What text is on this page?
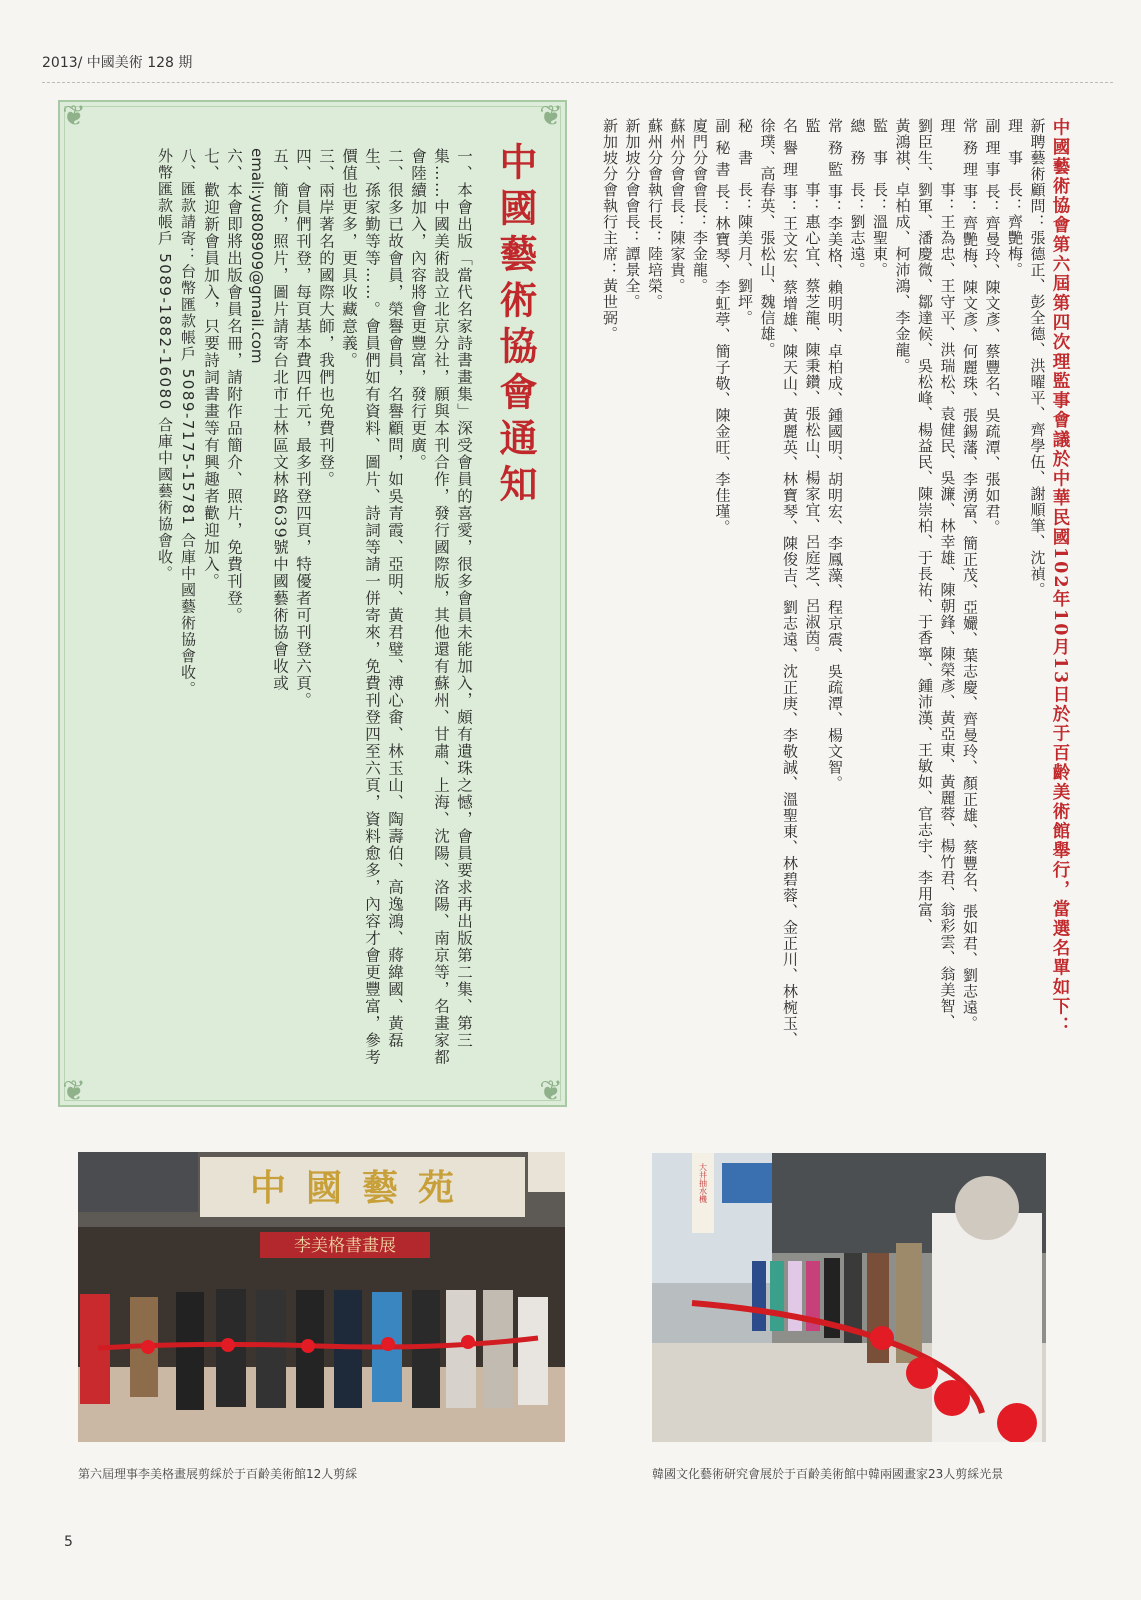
2013/ 中國美術 128 期
❦	❦
❦	❦
中國藝術協會通知

一、本會出版「當代名家詩書畫集」深受會員的喜愛，很多會員未能加入，頗有遺珠之憾，會員要求再出版第二集、第三集……中國美術設立北京分社，願與本刊合作，發行國際版，其他還有蘇州、甘肅、上海、沈陽、洛陽、南京等，名畫家都會陸續加入，內容將會更豐富，發行更廣。

二、很多已故會員，榮譽會員，名譽顧問，如吳青霞、亞明、黃君璧、溥心畬、林玉山、陶壽伯、高逸鴻、蔣緯國、黃磊生、孫家勤等等……。會員們如有資料、圖片、詩詞等請一併寄來，免費刊登四至六頁，資料愈多，內容才會更豐富，參考價值也更多，更具收藏意義。

三、兩岸著名的國際大師，我們也免費刊登。

四、會員們刊登，每頁基本費四仟元，最多刊登四頁，特優者可刊登六頁。

五、簡介，照片，圖片請寄台北市士林區文林路639號中國藝術協會收或

email:yu808909@gmail.com

六、本會即將出版會員名冊，請附作品簡介、照片，免費刊登。

七、歡迎新會員加入，只要詩詞書畫等有興趣者歡迎加入。

八、匯款請寄：台幣匯款帳戶 5089-7175-15781 合庫中國藝術協會收。

外幣匯款帳戶 5089-1882-16080 合庫中國藝術協會收。	中國藝術協會第六屆第四次理監事會議於中華民國102年10月13日於于百齡美術館舉行，當選名單如下：

新聘藝術顧問：張德正、彭全德、洪曜平、齊學伍、謝順筆、沈禎。

理　事　長：齊艷梅。

副 理 事 長：齊曼玲、陳文彥、蔡豐名、吳疏潭、張如君。

常 務 理 事：齊艷梅、陳文彥、何麗珠、張錫藩、李湧富、簡正茂、亞孍、葉志慶、齊曼玲、顏正雄、蔡豐名、張如君、劉志遠。

理　　　事：王為忠、王守平、洪瑞松、袁健民、吳濂、林幸雄、陳朝鋒、陳榮彥、黃亞東、黃麗蓉、楊竹君、翁彩雲、翁美智、

劉臣生、劉軍、潘慶微、鄒達候、吳松峰、楊益民、陳崇柏、于長祐、于香寧、鍾沛漢、王敏如、官志宇、李用富、

黃鴻祺、卓柏成、柯沛鴻、李金龍。

監　事　長：溫聖東。

總　務　長：劉志遠。

常 務 監 事：李美格、賴明明、卓柏成、鍾國明、胡明宏、李鳳藻、程京震、吳疏潭、楊文智。

監　　　事：惠心宜、蔡芝龍、陳秉鑽、張松山、楊家宜、呂庭芝、呂淑茵。

名 譽 理 事：王文宏、蔡增雄、陳天山、黃麗英、林寶琴、陳俊吉、劉志遠、沈正庚、李敬誠、溫聖東、林碧蓉、金正川、林椀玉、

徐璞、高春英、張松山、魏信雄。

秘　書　長：陳美月、劉坪。

副 秘 書 長：林寶琴、李虹葶、簡子敬、陳金旺、李佳瑾。

廈門分會會長：李金龍。

蘇州分會會長：陳家貴。

蘇州分會執行長：陸培榮。

新加坡分會會長：譚景全。

新加坡分會執行主席：黃世弼。

中國藝苑
李美格書畫展
第六屆理事李美格畫展剪綵於于百齡美術館12人剪綵
大井抽水機
韓國文化藝術研究會展於于百齡美術館中韓兩國畫家23人剪綵光景
5
